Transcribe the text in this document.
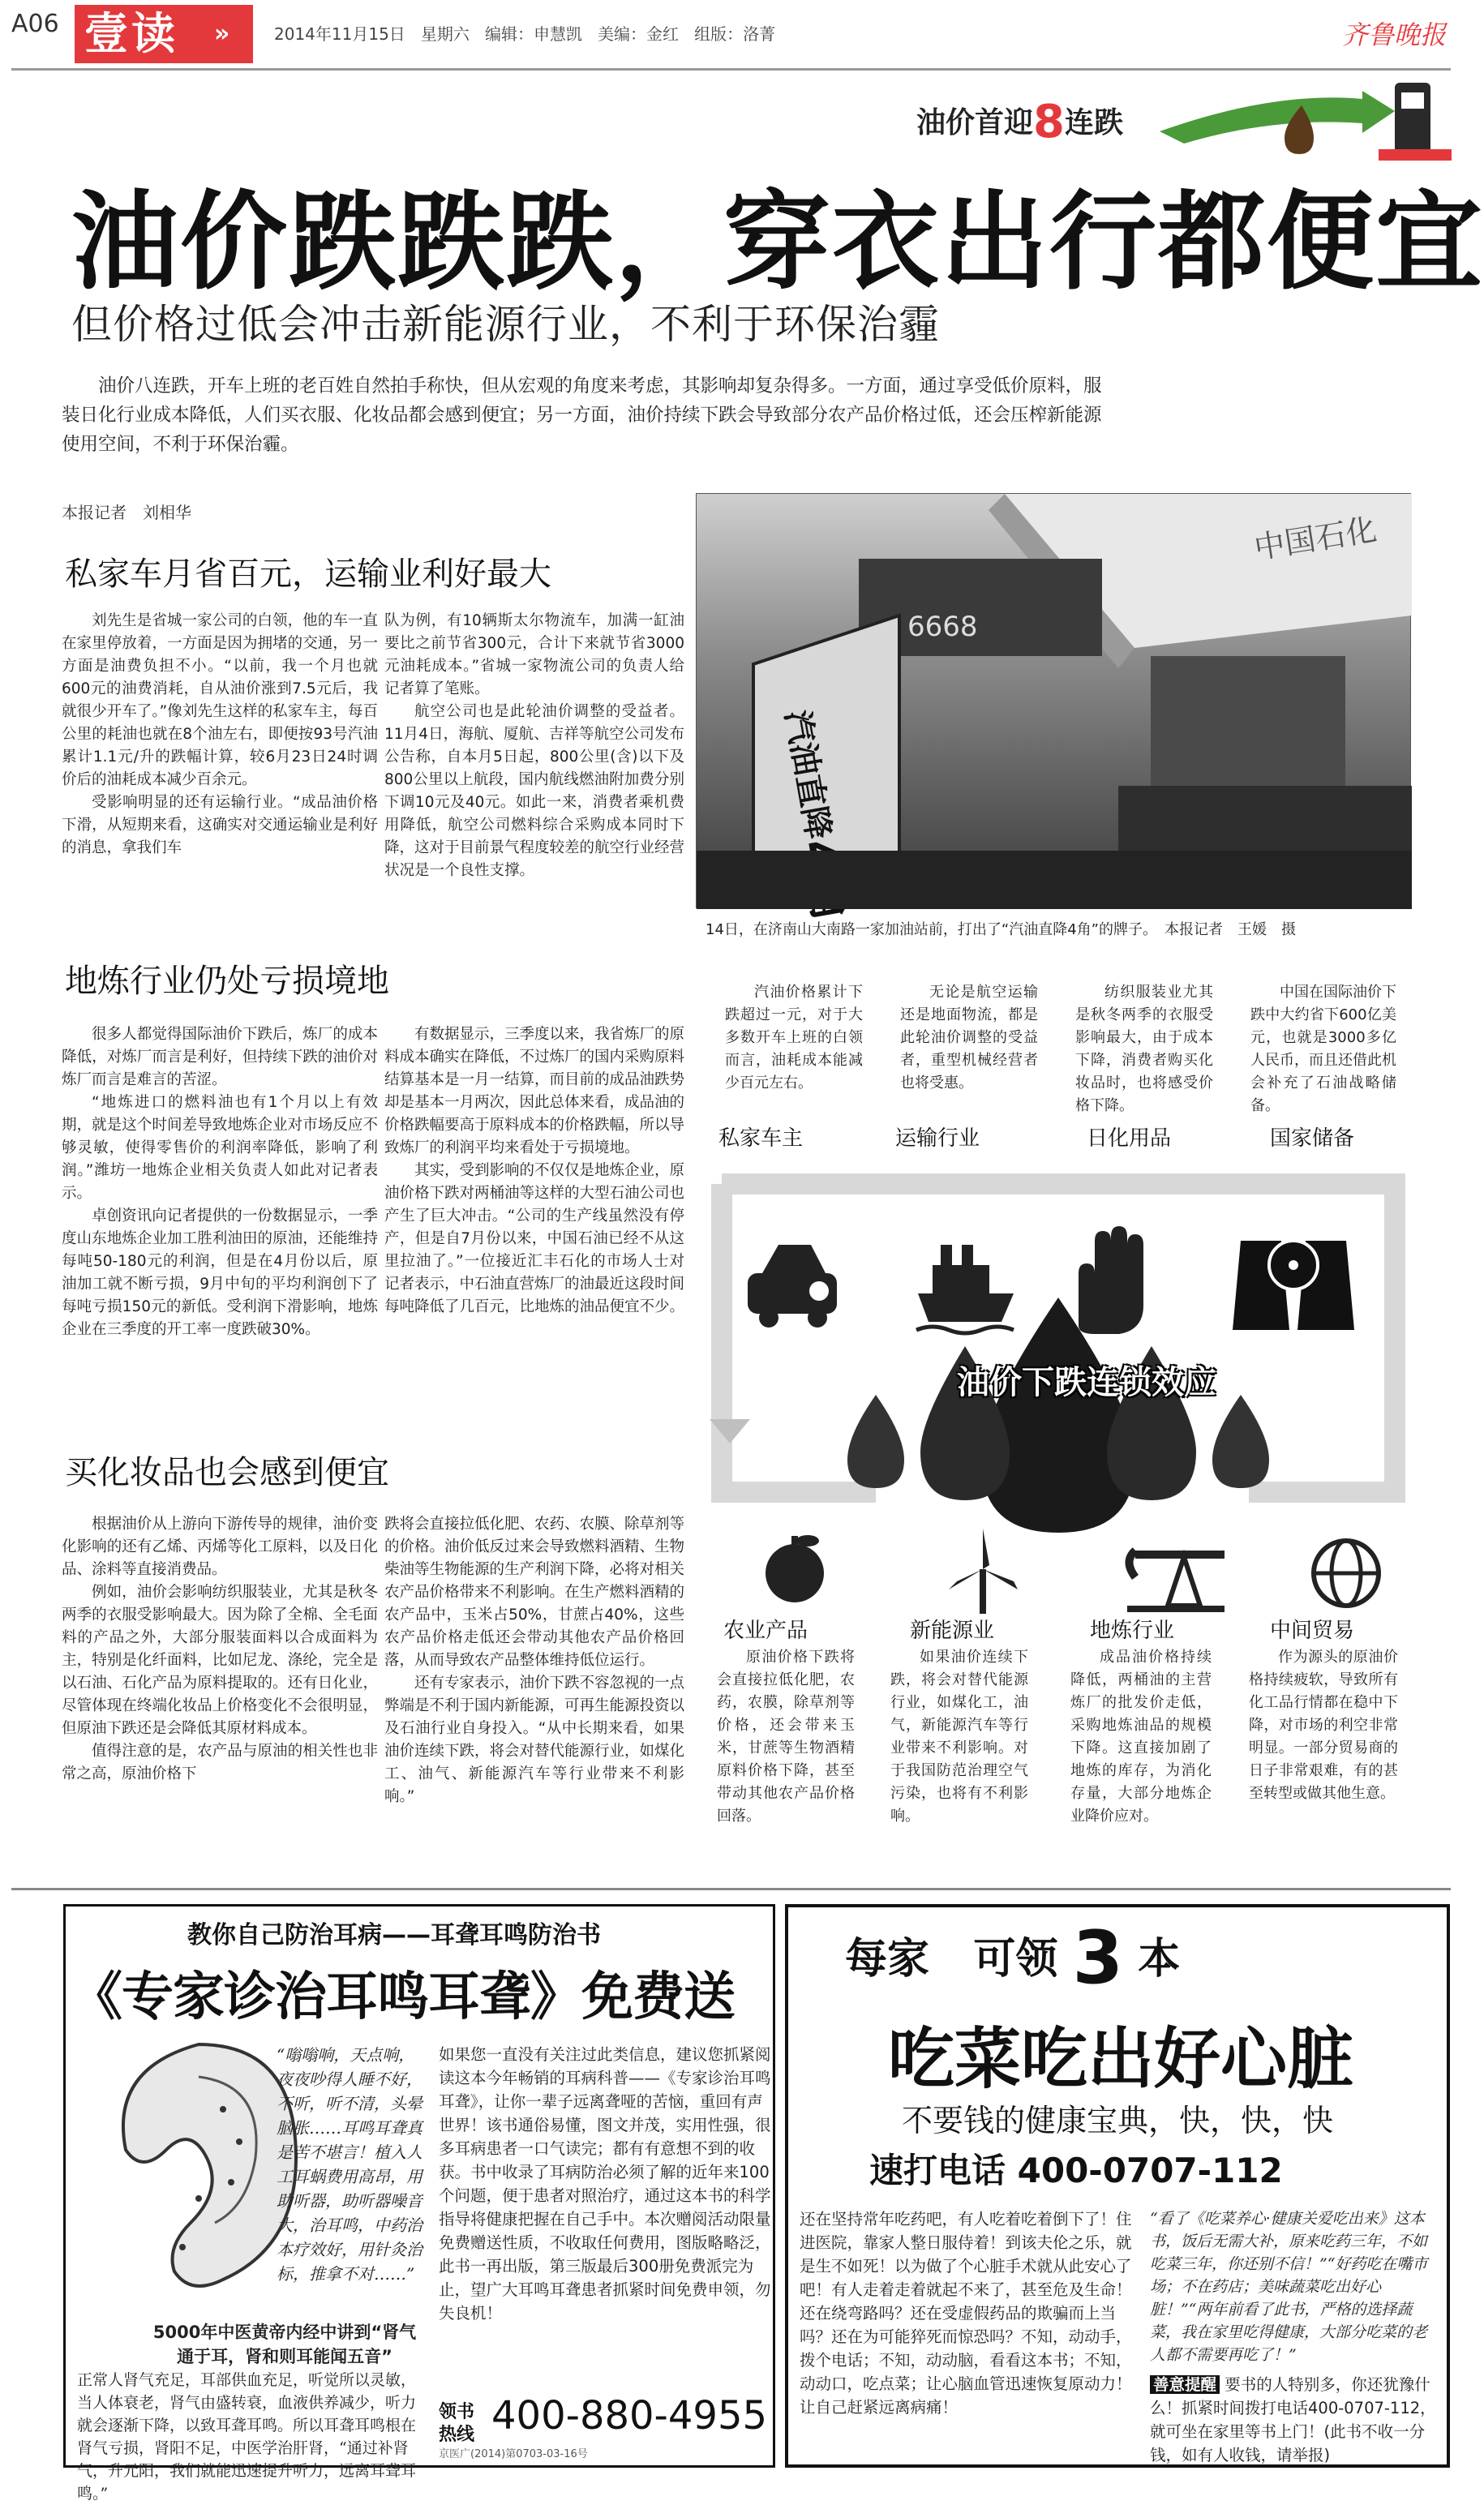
A06 壹读 »	2014年11月15日 星期六 编辑：申慧凯 美编：金红 组版：洛菁	齐鲁晚报
油价首迎8连跌
油价跌跌跌，穿衣出行都便宜
但价格过低会冲击新能源行业，不利于环保治霾
油价八连跌，开车上班的老百姓自然拍手称快，但从宏观的角度来考虑，其影响却复杂得多。一方面，通过享受低价原料，服装日化行业成本降低，人们买衣服、化妆品都会感到便宜；另一方面，油价持续下跌会导致部分农产品价格过低，还会压榨新能源使用空间，不利于环保治霾。
本报记者　刘相华
私家车月省百元，运输业利好最大

刘先生是省城一家公司的白领，他的车一直在家里停放着，一方面是因为拥堵的交通，另一方面是油费负担不小。“以前，我一个月也就600元的油费消耗，自从油价涨到7.5元后，我就很少开车了。”像刘先生这样的私家车主，每百公里的耗油也就在8个油左右，即便按93号汽油累计1.1元/升的跌幅计算，较6月23日24时调价后的油耗成本减少百余元。

受影响明显的还有运输行业。“成品油价格下滑，从短期来看，这确实对交通运输业是利好的消息，拿我们车

队为例，有10辆斯太尔物流车，加满一缸油要比之前节省300元，合计下来就节省3000元油耗成本。”省城一家物流公司的负责人给记者算了笔账。

航空公司也是此轮油价调整的受益者。11月4日，海航、厦航、吉祥等航空公司发布公告称，自本月5日起，800公里(含)以下及800公里以上航段，国内航线燃油附加费分别下调10元及40元。如此一来，消费者乘机费用降低，航空公司燃料综合采购成本同时下降，这对于目前景气程度较差的航空行业经营状况是一个良性支撑。

地炼行业仍处亏损境地

很多人都觉得国际油价下跌后，炼厂的成本降低，对炼厂而言是利好，但持续下跌的油价对炼厂而言是难言的苦涩。

“地炼进口的燃料油也有1个月以上有效期，就是这个时间差导致地炼企业对市场反应不够灵敏，使得零售价的利润率降低，影响了利润。”潍坊一地炼企业相关负责人如此对记者表示。

卓创资讯向记者提供的一份数据显示，一季度山东地炼企业加工胜利油田的原油，还能维持每吨50-180元的利润，但是在4月份以后，原油加工就不断亏损，9月中旬的平均利润创下了每吨亏损150元的新低。受利润下滑影响，地炼企业在三季度的开工率一度跌破30%。

有数据显示，三季度以来，我省炼厂的原料成本确实在降低，不过炼厂的国内采购原料结算基本是一月一结算，而目前的成品油跌势却是基本一月两次，因此总体来看，成品油的价格跌幅要高于原料成本的价格跌幅，所以导致炼厂的利润平均来看处于亏损境地。

其实，受到影响的不仅仅是地炼企业，原油价格下跌对两桶油等这样的大型石油公司也产生了巨大冲击。“公司的生产线虽然没有停产，但是自7月份以来，中国石油已经不从这里拉油了。”一位接近汇丰石化的市场人士对记者表示，中石油直营炼厂的油最近这段时间每吨降低了几百元，比地炼的油品便宜不少。

买化妆品也会感到便宜

根据油价从上游向下游传导的规律，油价变化影响的还有乙烯、丙烯等化工原料，以及日化品、涂料等直接消费品。

例如，油价会影响纺织服装业，尤其是秋冬两季的衣服受影响最大。因为除了全棉、全毛面料的产品之外，大部分服装面料以合成面料为主，特别是化纤面料，比如尼龙、涤纶，完全是以石油、石化产品为原料提取的。还有日化业，尽管体现在终端化妆品上价格变化不会很明显，但原油下跌还是会降低其原材料成本。

值得注意的是，农产品与原油的相关性也非常之高，原油价格下

跌将会直接拉低化肥、农药、农膜、除草剂等的价格。油价低反过来会导致燃料酒精、生物柴油等生物能源的生产利润下降，必将对相关农产品价格带来不利影响。在生产燃料酒精的农产品中，玉米占50%，甘蔗占40%，这些农产品价格走低还会带动其他农产品价格回落，从而导致农产品整体维持低位运行。

还有专家表示，油价下跌不容忽视的一点弊端是不利于国内新能源，可再生能源投资以及石油行业自身投入。“从中长期来看，如果油价连续下跌，将会对替代能源行业，如煤化工、油气、新能源汽车等行业带来不利影响。”

中国石化
6668
汽油直降
14日，在济南山大南路一家加油站前，打出了“汽油直降4角”的牌子。　本报记者　王媛　摄

汽油价格累计下跌超过一元，对于大多数开车上班的白领而言，油耗成本能减少百元左右。

无论是航空运输还是地面物流，都是此轮油价调整的受益者，重型机械经营者也将受惠。

纺织服装业尤其是秋冬两季的衣服受影响最大，由于成本下降，消费者购买化妆品时，也将感受价格下降。

中国在国际油价下跌中大约省下600亿美元，也就是3000多亿人民币，而且还借此机会补充了石油战略储备。

私家车主	运输行业	日化用品	国家储备
油价下跌连锁效应
农业产品	新能源业	地炼行业	中间贸易

原油价格下跌将会直接拉低化肥，农药，农膜，除草剂等价格，还会带来玉米，甘蔗等生物酒精原料价格下降，甚至带动其他农产品价格回落。

如果油价连续下跌，将会对替代能源行业，如煤化工，油气，新能源汽车等行业带来不利影响。对于我国防范治理空气污染，也将有不利影响。

成品油价格持续降低，两桶油的主营炼厂的批发价走低，采购地炼油品的规模下降。这直接加剧了地炼的库存，为消化存量，大部分地炼企业降价应对。

作为源头的原油价格持续疲软，导致所有化工品行情都在稳中下降，对市场的利空非常明显。一部分贸易商的日子非常艰难，有的甚至转型或做其他生意。

教你自己防治耳病——耳聋耳鸣防治书
《专家诊治耳鸣耳聋》免费送
“嗡嗡响，天点响，夜夜吵得人睡不好，不听，听不清，头晕脑胀……耳鸣耳聋真是苦不堪言！植入人工耳蜗费用高昂，用助听器，助听器噪音大，治耳鸣，中药治本疗效好，用针灸治标，推拿不对……”
5000年中医黄帝内经中讲到“肾气通于耳，肾和则耳能闻五音”
正常人肾气充足，耳部供血充足，听觉所以灵敏，当人体衰老，肾气由盛转衰，血液供养减少，听力就会逐渐下降，以致耳聋耳鸣。所以耳聋耳鸣根在肾气亏损，肾阳不足，中医学治肝肾，“通过补肾气，升元阳，我们就能迅速提升听力，远离耳聋耳鸣。”
如果您一直没有关注过此类信息，建议您抓紧阅读这本今年畅销的耳病科普——《专家诊治耳鸣耳聋》，让你一辈子远离聋哑的苦恼，重回有声世界！该书通俗易懂，图文并茂，实用性强，很多耳病患者一口气读完；都有有意想不到的收获。书中收录了耳病防治必须了解的近年来100个问题，便于患者对照治疗，通过这本书的科学指导将健康把握在自己手中。本次赠阅活动限量免费赠送性质，不收取任何费用，图版略略泛，此书一再出版，第三版最后300册免费派完为止，望广大耳鸣耳聋患者抓紧时间免费申领，勿失良机！
领书
热线 400-880-4955
京医广(2014)第0703-03-16号
每家 可领 3 本
吃菜吃出好心脏
不要钱的健康宝典，快，快，快
速打电话 400-0707-112
还在坚持常年吃药吧，有人吃着吃着倒下了！住进医院，靠家人整日服侍着！到该夫伦之乐，就是生不如死！以为做了个心脏手术就从此安心了吧！有人走着走着就起不来了，甚至危及生命！还在绕弯路吗？还在受虚假药品的欺骗而上当吗？还在为可能猝死而惊恐吗？不知，动动手，拨个电话；不知，动动脑，看看这本书；不知，动动口，吃点菜；让心脑血管迅速恢复原动力！让自己赶紧远离病痛！
“看了《吃菜养心·健康关爱吃出来》这本书，饭后无需大补，原来吃药三年，不如吃菜三年，你还别不信！”“好药吃在嘴市场；不在药店；美味蔬菜吃出好心脏！”“两年前看了此书，严格的选择蔬菜，我在家里吃得健康，大部分吃菜的老人都不需要再吃了！”
善意提醒 要书的人特别多，你还犹豫什么！抓紧时间拨打电话400-0707-112，就可坐在家里等书上门！(此书不收一分钱，如有人收钱，请举报)
